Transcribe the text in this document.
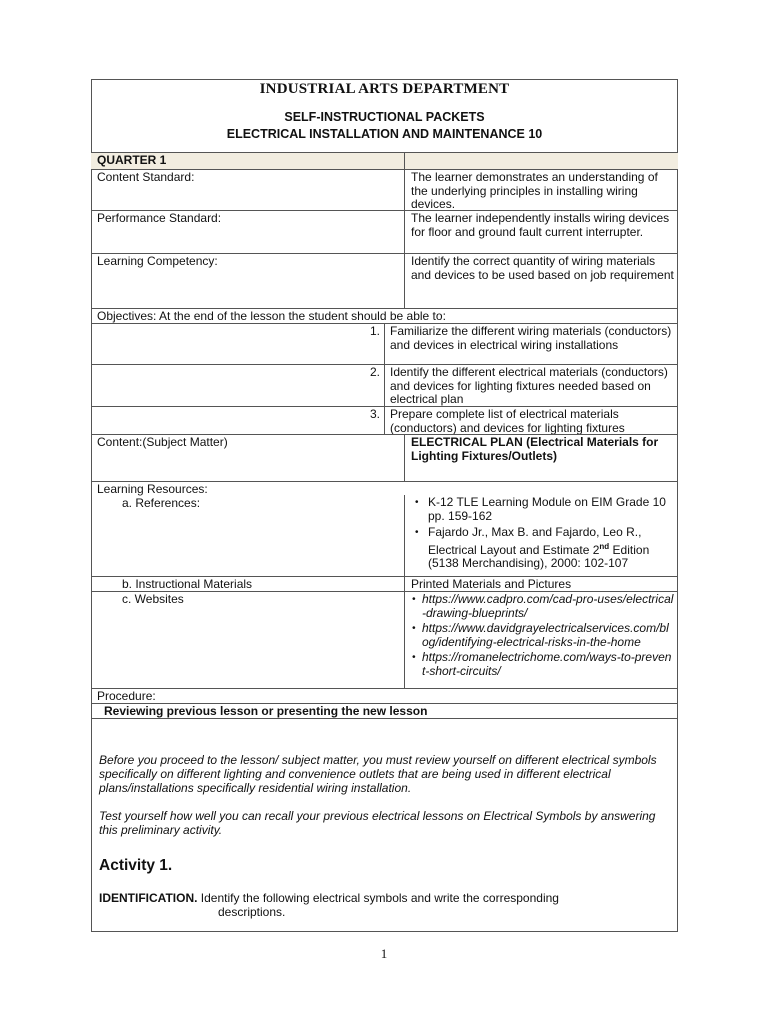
INDUSTRIAL ARTS DEPARTMENT
SELF-INSTRUCTIONAL PACKETS
ELECTRICAL INSTALLATION AND MAINTENANCE 10
QUARTER 1
Content Standard:	The learner demonstrates an understanding of the underlying principles in installing wiring devices.
Performance Standard:	The learner independently installs wiring devices for floor and ground fault current interrupter.
Learning Competency:	Identify the correct quantity of wiring materials and devices to be used based on job requirement
Objectives: At the end of the lesson the student should be able to:
1. Familiarize the different wiring materials (conductors) and devices in electrical wiring installations
2. Identify the different electrical materials (conductors) and devices for lighting fixtures needed based on electrical plan
3. Prepare complete list of electrical materials (conductors) and devices for lighting fixtures
Content:(Subject Matter)	ELECTRICAL PLAN (Electrical Materials for Lighting Fixtures/Outlets)
Learning Resources:
a. References:	• K-12 TLE Learning Module on EIM Grade 10 pp. 159-162
• Fajardo Jr., Max B. and Fajardo, Leo R., Electrical Layout and Estimate 2nd Edition (5138 Merchandising), 2000: 102-107
b. Instructional Materials	Printed Materials and Pictures
c. Websites	• https://www.cadpro.com/cad-pro-uses/electrical-drawing-blueprints/
• https://www.davidgrayelectricalservices.com/blog/identifying-electrical-risks-in-the-home
• https://romanelectrichome.com/ways-to-prevent-short-circuits/
Procedure:
Reviewing previous lesson or presenting the new lesson
Before you proceed to the lesson/ subject matter, you must review yourself on different electrical symbols specifically on different lighting and convenience outlets that are being used in different electrical plans/installations specifically residential wiring installation.
Test yourself how well you can recall your previous electrical lessons on Electrical Symbols by answering this preliminary activity.
Activity 1.
IDENTIFICATION. Identify the following electrical symbols and write the corresponding
descriptions.
1
